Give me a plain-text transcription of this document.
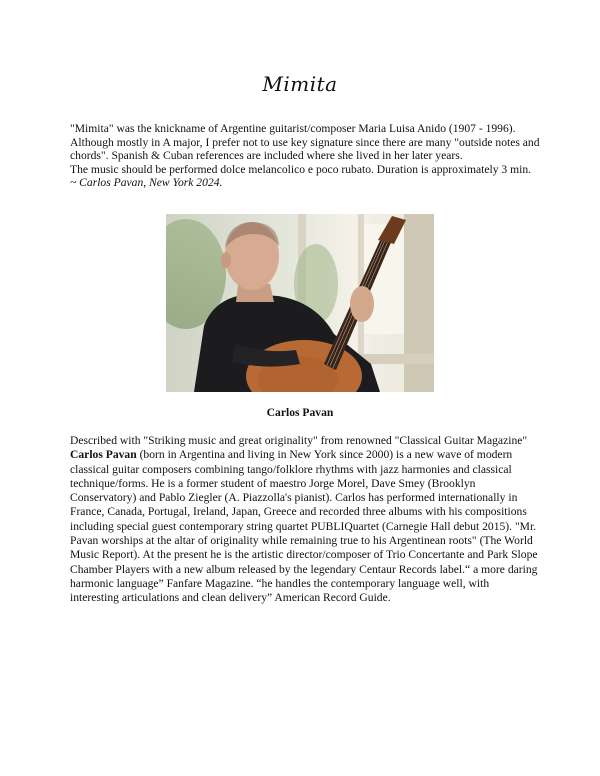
Mimita

"Mimita" was the knickname of Argentine guitarist/composer Maria Luisa Anido (1907 - 1996).

Although mostly in A major, I prefer not to use key signature since there are many "outside notes and chords". Spanish & Cuban references are included where she lived in her later years.

The music should be performed dolce melancolico e poco rubato. Duration is approximately 3 min. ~ Carlos Pavan, New York 2024.

Carlos Pavan

Described with "Striking music and great originality" from renowned "Classical Guitar Magazine" Carlos Pavan (born in Argentina and living in New York since 2000) is a new wave of modern classical guitar composers combining tango/folklore rhythms with jazz harmonies and classical technique/forms. He is a former student of maestro Jorge Morel, Dave Smey (Brooklyn Conservatory) and Pablo Ziegler (A. Piazzolla's pianist). Carlos has performed internationally in France, Canada, Portugal, Ireland, Japan, Greece and recorded three albums with his compositions including special guest contemporary string quartet PUBLIQuartet (Carnegie Hall debut 2015). "Mr. Pavan worships at the altar of originality while remaining true to his Argentinean roots" (The World Music Report). At the present he is the artistic director/composer of Trio Concertante and Park Slope Chamber Players with a new album released by the legendary Centaur Records label.“ a more daring harmonic language” Fanfare Magazine. “he handles the contemporary language well, with interesting articulations and clean delivery” American Record Guide.
